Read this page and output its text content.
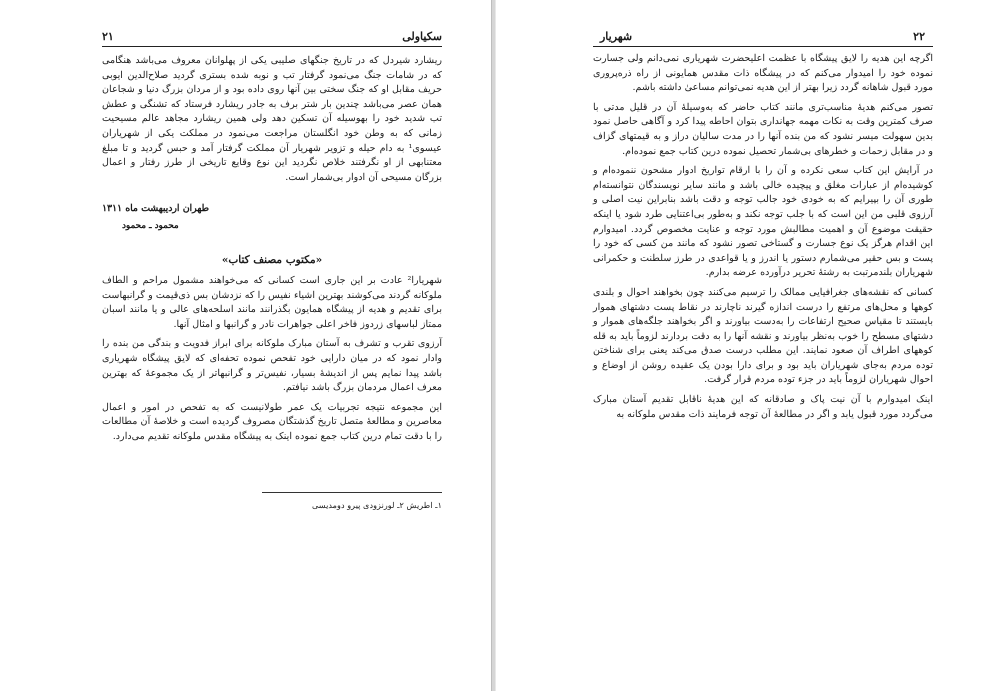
سکیاولی
۲۱

ریشارد شیردل که در تاریخ جنگهای صلیبی یکی از پهلوانان معروف می‌باشد هنگامی که در شامات جنگ می‌نمود گرفتار تب و نوبه شده بستری گردید صلاح‌الدین ایوبی حریف مقابل او که جنگ سختی بین آنها روی داده بود و از مردان بزرگ دنیا و شجاعان همان عصر می‌باشد چندین بار شتر برف به جادر ریشارد فرستاد که تشنگی و عطش تب شدید خود را بهوسیله آن تسکین دهد ولی همین ریشارد مجاهد عالم مسیحیت زمانی که به وطن خود انگلستان مراجعت می‌نمود در مملکت یکی از شهریاران عیسوی¹ به دام حیله و تزویر شهریار آن مملکت گرفتار آمد و حبس گردید و تا مبلغ معتنابهی از او نگرفتند خلاص نگردید این نوع وقایع تاریخی از طرز رفتار و اعمال بزرگان مسیحی آن ادوار بی‌شمار است.

طهران اردیبهشت ماه ۱۳۱۱
محمود ـ محمود
«مکتوب مصنف کتاب»

شهریارا² عادت بر این جاری است کسانی که می‌خواهند مشمول مراحم و الطاف ملوکانه گردند می‌کوشند بهترین اشیاء نفیس را که نزدشان بس ذی‌قیمت و گرانبهاست برای تقدیم و هدیه از پیشگاه همایون بگذرانند مانند اسلحه‌های عالی و یا مانند اسبان ممتاز لباسهای زردوز فاخر اعلی جواهرات نادر و گرانبها و امثال آنها.

آرزوی تقرب و تشرف به آستان مبارک ملوکانه برای ابراز فدویت و بندگی من بنده را وادار نمود که در میان دارایی خود تفحص نموده تحفه‌ای که لایق پیشگاه شهریاری باشد پیدا نمایم پس از اندیشهٔ بسیار، نفیس‌تر و گرانبهاتر از یک مجموعهٔ که بهترین معرف اعمال مردمان بزرگ باشد نیافتم.

این مجموعه نتیجه تجربیات یک عمر طولانیست که به تفحص در امور و اعمال معاصرین و مطالعهٔ متصل تاریخ گذشتگان مصروف گردیده است و خلاصهٔ آن مطالعات را با دقت تمام درین کتاب جمع نموده اینک به پیشگاه مقدس ملوکانه تقدیم می‌دارد.

۱ـ اطریش ۲ـ لورنزودی پیرو دومدیسی
شهریار	۲۲

اگرچه این هدیه را لایق پیشگاه با عظمت اعلیحضرت شهریاری نمی‌دانم ولی جسارت نموده خود را امیدوار می‌کنم که در پیشگاه ذات مقدس همایونی از راه ذره‌پروری مورد قبول شاهانه گردد زیرا بهتر از این هدیه نمی‌توانم مساعیٰ داشته باشم.

تصور می‌کنم هدیهٔ مناسب‌تری مانند کتاب حاضر که به‌وسیلهٔ آن در قلیل مدتی با صرف کمترین وقت به نکات مهمه جهانداری بتوان احاطه پیدا کرد و آگاهی حاصل نمود بدین سهولت میسر نشود که من بنده آنها را در مدت سالیان دراز و به قیمتهای گزاف و در مقابل زحمات و خطرهای بی‌شمار تحصیل نموده درین کتاب جمع نموده‌ام.

در آرایش این کتاب سعی نکرده و آن را با ارقام تواریخ ادوار مشحون ننموده‌ام و کوشیده‌ام از عبارات مغلق و پیچیده خالی باشد و مانند سایر نویسندگان نتوانسته‌ام طوری آن را بپیرایم که به خودی خود جالب توجه و دقت باشد بنابراین نیت اصلی و آرزوی قلبی من این است که با جلب توجه نکند و به‌طور بی‌اعتنایی طرد شود یا اینکه حقیقت موضوع آن و اهمیت مطالبش مورد توجه و عنایت مخصوص گردد. امیدوارم این اقدام هرگز یک نوع جسارت و گستاخی تصور نشود که مانند من کسی که خود را پست و بس حقیر می‌شمارم دستور یا اندرز و یا قواعدی در طرز سلطنت و حکمرانی شهریاران بلندمرتبت به رشتهٔ تحریر درآورده عرضه بدارم.

کسانی که نقشه‌های جغرافیایی ممالک را ترسیم می‌کنند چون بخواهند احوال و بلندی کوهها و محل‌های مرتفع را درست اندازه گیرند ناچارند در نقاط پست دشتهای هموار بایستند تا مقیاس صحیح ارتفاعات را به‌دست بیاورند و اگر بخواهند جلگه‌های هموار و دشتهای مسطح را خوب به‌نظر بیاورند و نقشه آنها را به دقت بردارند لزوماً باید به قله کوههای اطراف آن صعود نمایند. این مطلب درست صدق می‌کند یعنی برای شناختن توده مردم به‌جای شهریاران باید بود و برای دارا بودن یک عقیده روشن از اوضاع و احوال شهریاران لزوماً باید در جزء توده مردم قرار گرفت.

اینک امیدوارم با آن نیت پاک و صادقانه که این هدیهٔ ناقابل تقدیم آستان مبارک می‌گردد مورد قبول یابد و اگر در مطالعهٔ آن توجه فرمایند ذات مقدس ملوکانه به
